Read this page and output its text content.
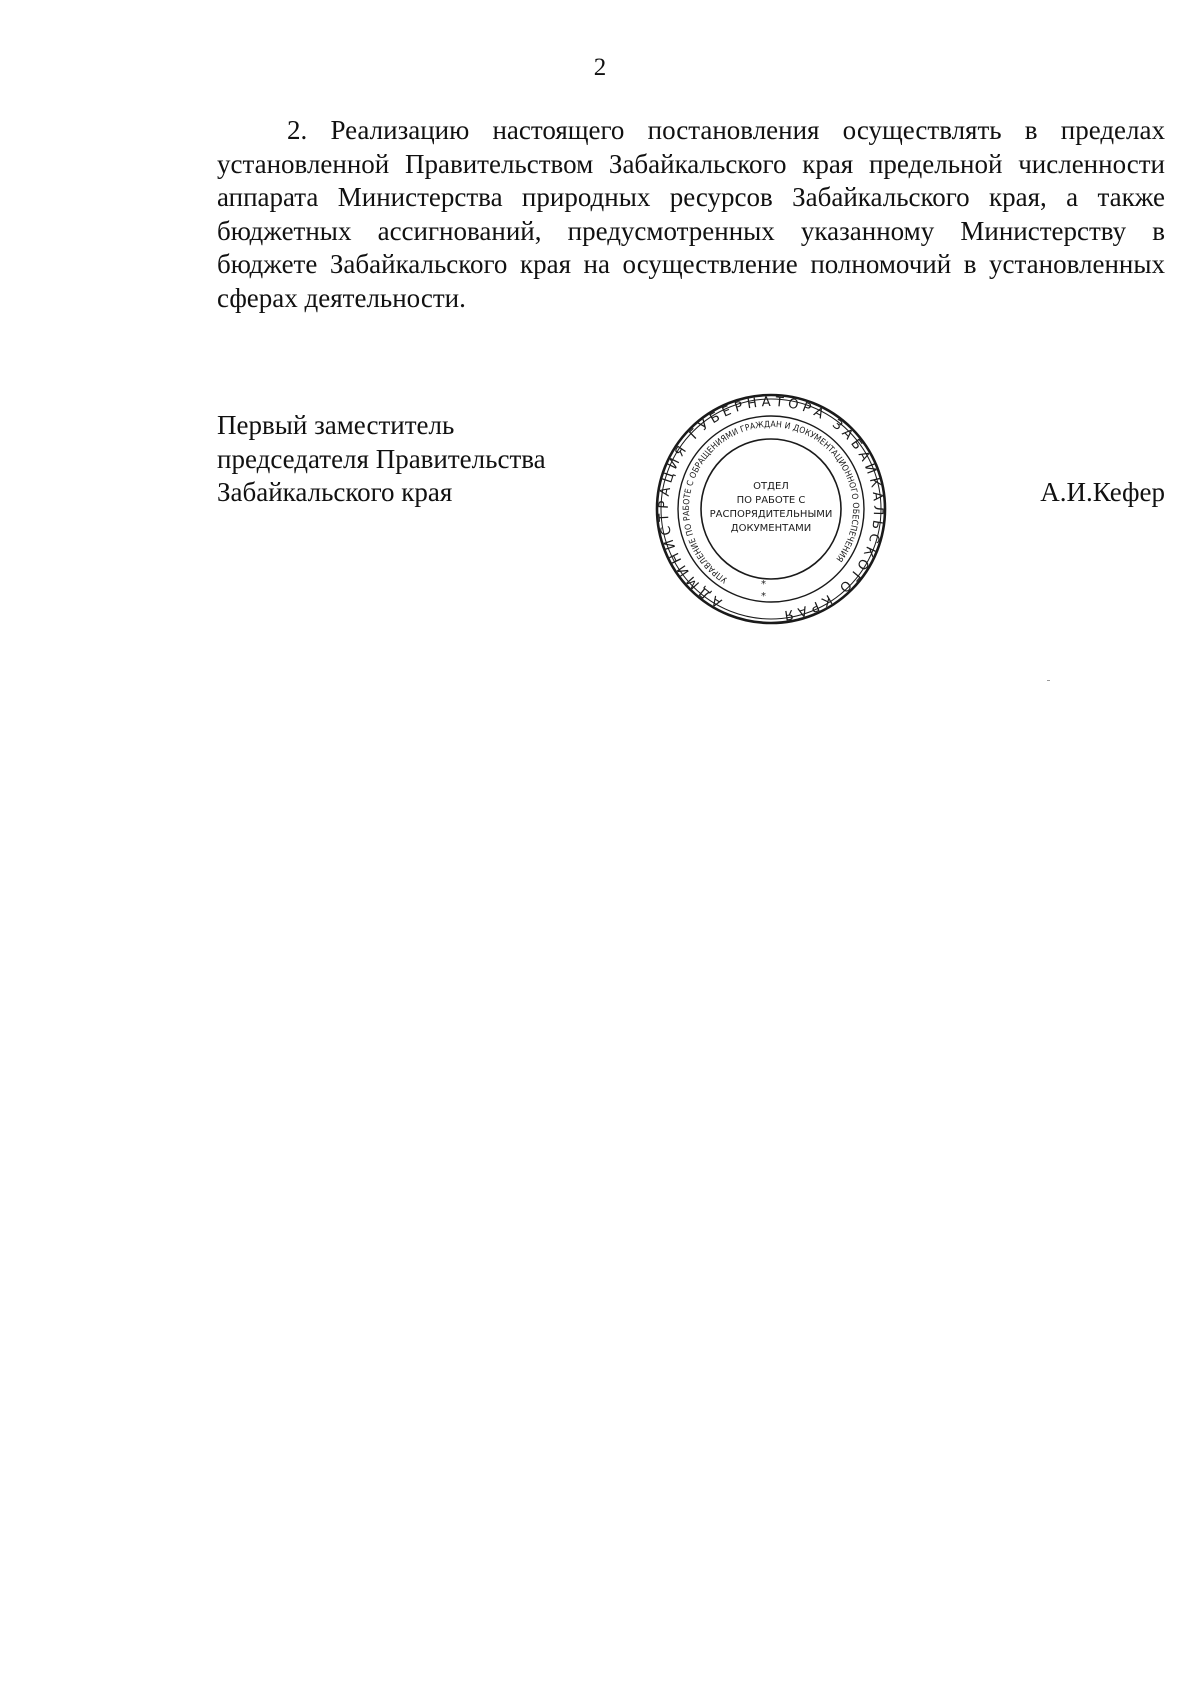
2

2. Реализацию настоящего постановления осуществлять в пределах установленной Правительством Забайкальского края предельной численности аппарата Министерства природных ресурсов Забайкальского края, а также бюджетных ассигнований, предусмотренных указанному Министерству в бюджете Забайкальского края на осуществление полномочий в установленных сферах деятельности.

Первый заместитель
председателя Правительства
Забайкальского края
АДМИНИСТРАЦИЯ ГУБЕРНАТОРА ЗАБАЙКАЛЬСКОГО КРАЯ
УПРАВЛЕНИЕ ПО РАБОТЕ С ОБРАЩЕНИЯМИ ГРАЖДАН И ДОКУМЕНТАЦИОННОГО ОБЕСПЕЧЕНИЯ
ОТДЕЛ
ПО РАБОТЕ С
РАСПОРЯДИТЕЛЬНЫМИ
ДОКУМЕНТАМИ
*
*
А.И.Кефер
